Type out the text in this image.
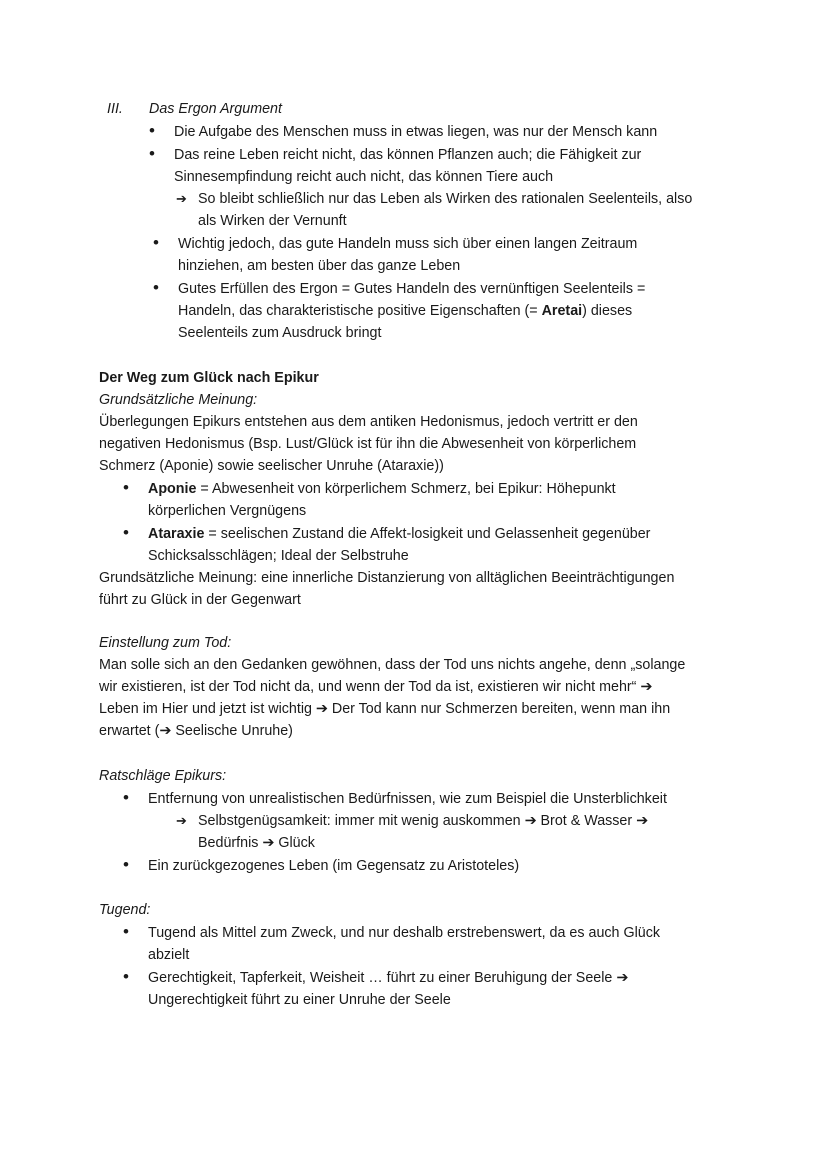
III. Das Ergon Argument
• Die Aufgabe des Menschen muss in etwas liegen, was nur der Mensch kann
• Das reine Leben reicht nicht, das können Pflanzen auch; die Fähigkeit zur
Sinnesempfindung reicht auch nicht, das können Tiere auch
➔ So bleibt schließlich nur das Leben als Wirken des rationalen Seelenteils, also
als Wirken der Vernunft
• Wichtig jedoch, das gute Handeln muss sich über einen langen Zeitraum
hinziehen, am besten über das ganze Leben
• Gutes Erfüllen des Ergon = Gutes Handeln des vernünftigen Seelenteils =
Handeln, das charakteristische positive Eigenschaften (= Aretai) dieses
Seelenteils zum Ausdruck bringt
Der Weg zum Glück nach Epikur
Grundsätzliche Meinung:
Überlegungen Epikurs entstehen aus dem antiken Hedonismus, jedoch vertritt er den
negativen Hedonismus (Bsp. Lust/Glück ist für ihn die Abwesenheit von körperlichem
Schmerz (Aponie) sowie seelischer Unruhe (Ataraxie))
• Aponie = Abwesenheit von körperlichem Schmerz, bei Epikur: Höhepunkt
körperlichen Vergnügens
• Ataraxie = seelischen Zustand die Affekt-losigkeit und Gelassenheit gegenüber
Schicksalsschlägen; Ideal der Selbstruhe
Grundsätzliche Meinung: eine innerliche Distanzierung von alltäglichen Beeinträchtigungen
führt zu Glück in der Gegenwart
Einstellung zum Tod:
Man solle sich an den Gedanken gewöhnen, dass der Tod uns nichts angehe, denn „solange
wir existieren, ist der Tod nicht da, und wenn der Tod da ist, existieren wir nicht mehr“ ➔
Leben im Hier und jetzt ist wichtig ➔ Der Tod kann nur Schmerzen bereiten, wenn man ihn
erwartet (➔ Seelische Unruhe)
Ratschläge Epikurs:
• Entfernung von unrealistischen Bedürfnissen, wie zum Beispiel die Unsterblichkeit
➔ Selbstgenügsamkeit: immer mit wenig auskommen ➔ Brot & Wasser ➔
Bedürfnis ➔ Glück
• Ein zurückgezogenes Leben (im Gegensatz zu Aristoteles)
Tugend:
• Tugend als Mittel zum Zweck, und nur deshalb erstrebenswert, da es auch Glück
abzielt
• Gerechtigkeit, Tapferkeit, Weisheit … führt zu einer Beruhigung der Seele ➔
Ungerechtigkeit führt zu einer Unruhe der Seele
